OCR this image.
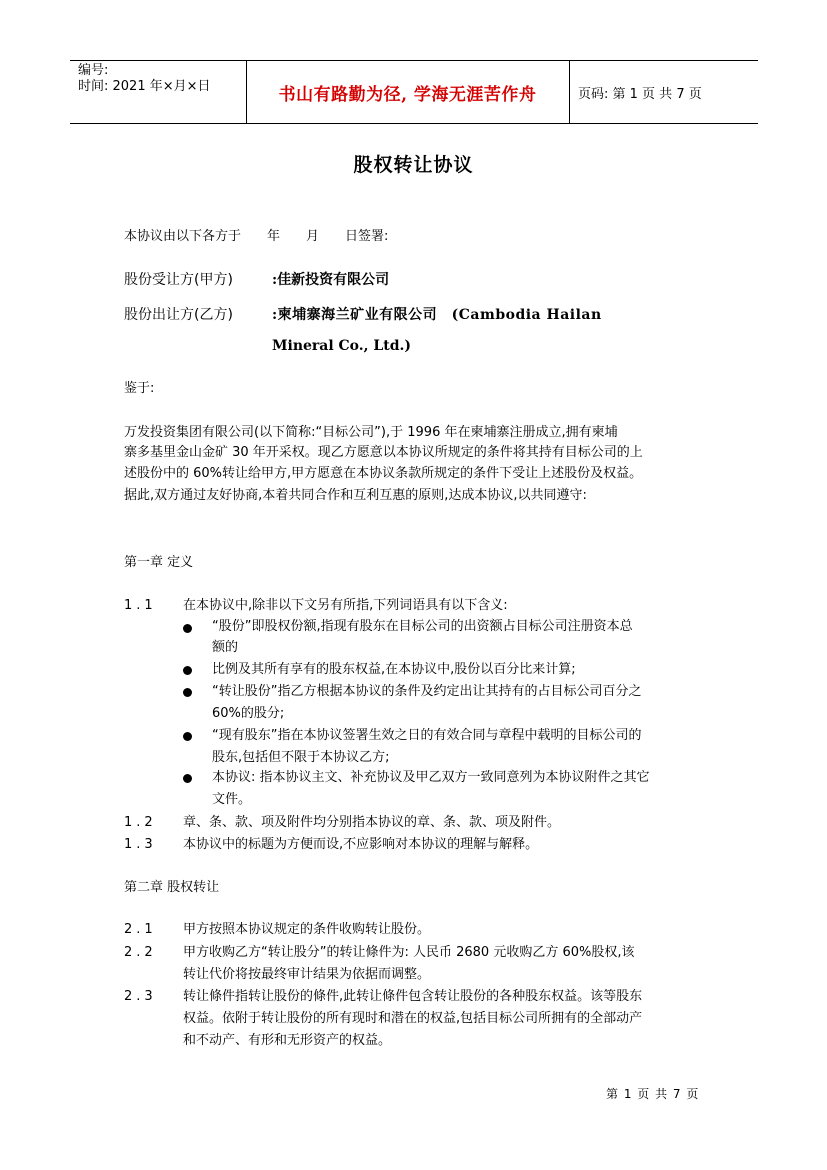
编号:
时间: 2021 年×月×日	书山有路勤为径, 学海无涯苦作舟	页码: 第 1 页 共 7 页
股权转让协议
本协议由以下各方于　　年　　月　　日签署:
股份受让方(甲方)	:佳新投资有限公司
股份出让方(乙方)	:柬埔寨海兰矿业有限公司　(Cambodia Hailan
Mineral Co., Ltd.)
鉴于:
万发投资集团有限公司(以下简称:“目标公司”),于 1996 年在柬埔寨注册成立,拥有柬埔
寨多基里金山金矿 30 年开采权。现乙方愿意以本协议所规定的条件将其持有目标公司的上
述股份中的 60%转让给甲方,甲方愿意在本协议条款所规定的条件下受让上述股份及权益。
据此,双方通过友好协商,本着共同合作和互利互惠的原则,达成本协议,以共同遵守:
第一章 定义
1.1 在本协议中,除非以下文另有所指,下列词语具有以下含义:
“股份”即股权份额,指现有股东在目标公司的出资额占目标公司注册资本总
额的
比例及其所有享有的股东权益,在本协议中,股份以百分比来计算;
“转让股份”指乙方根据本协议的条件及约定出让其持有的占目标公司百分之
60%的股分;
“现有股东”指在本协议签署生效之日的有效合同与章程中载明的目标公司的
股东,包括但不限于本协议乙方;
本协议: 指本协议主文、补充协议及甲乙双方一致同意列为本协议附件之其它
文件。
1.2 章、条、款、项及附件均分别指本协议的章、条、款、项及附件。
1.3 本协议中的标题为方便而设,不应影响对本协议的理解与解释。
第二章 股权转让
2.1 甲方按照本协议规定的条件收购转让股份。
2.2 甲方收购乙方“转让股分”的转让條件为: 人民币 2680 元收购乙方 60%股权,该
转让代价将按最终审计结果为依据而调整。
2.3 转让條件指转让股份的條件,此转让條件包含转让股份的各种股东权益。该等股东
权益。依附于转让股份的所有现时和潜在的权益,包括目标公司所拥有的全部动产
和不动产、有形和无形资产的权益。
第 1 页 共 7 页
